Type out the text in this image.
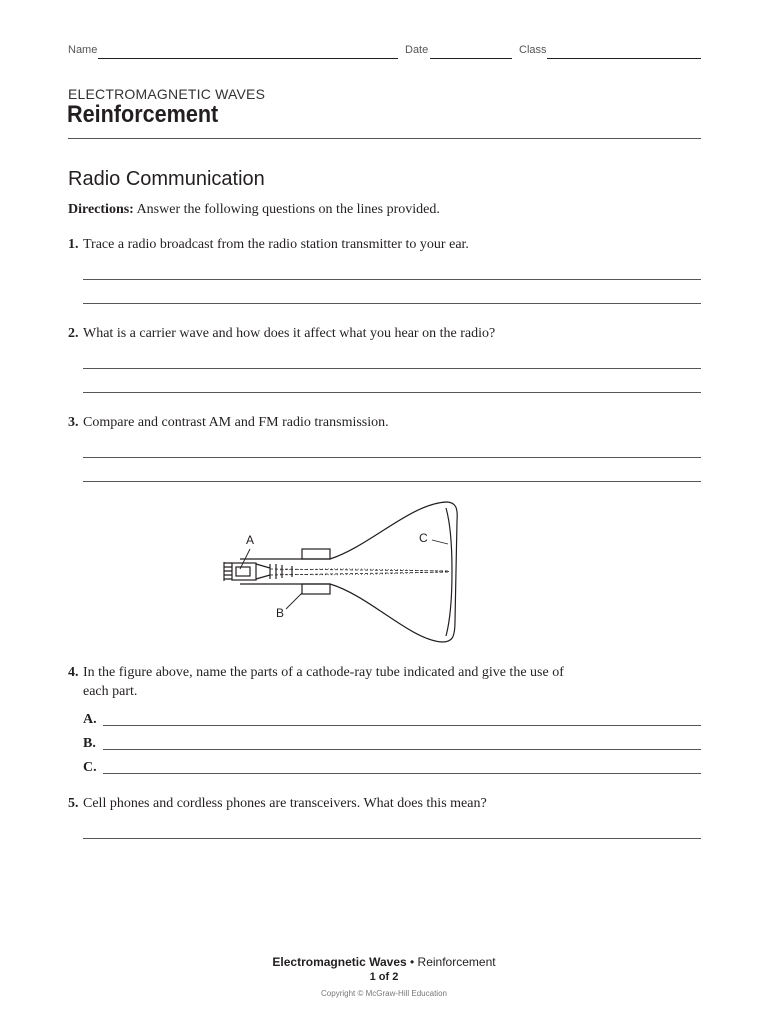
Name	Date	Class
ELECTROMAGNETIC WAVES
Reinforcement
Radio Communication
Directions: Answer the following questions on the lines provided.
1. Trace a radio broadcast from the radio station transmitter to your ear.
2. What is a carrier wave and how does it affect what you hear on the radio?
3. Compare and contrast AM and FM radio transmission.
A
B
C
4. In the figure above, name the parts of a cathode-ray tube indicated and give the use of each part.
A.
B.
C.
5. Cell phones and cordless phones are transceivers. What does this mean?
Electromagnetic Waves • Reinforcement
1 of 2
Copyright © McGraw-Hill Education
